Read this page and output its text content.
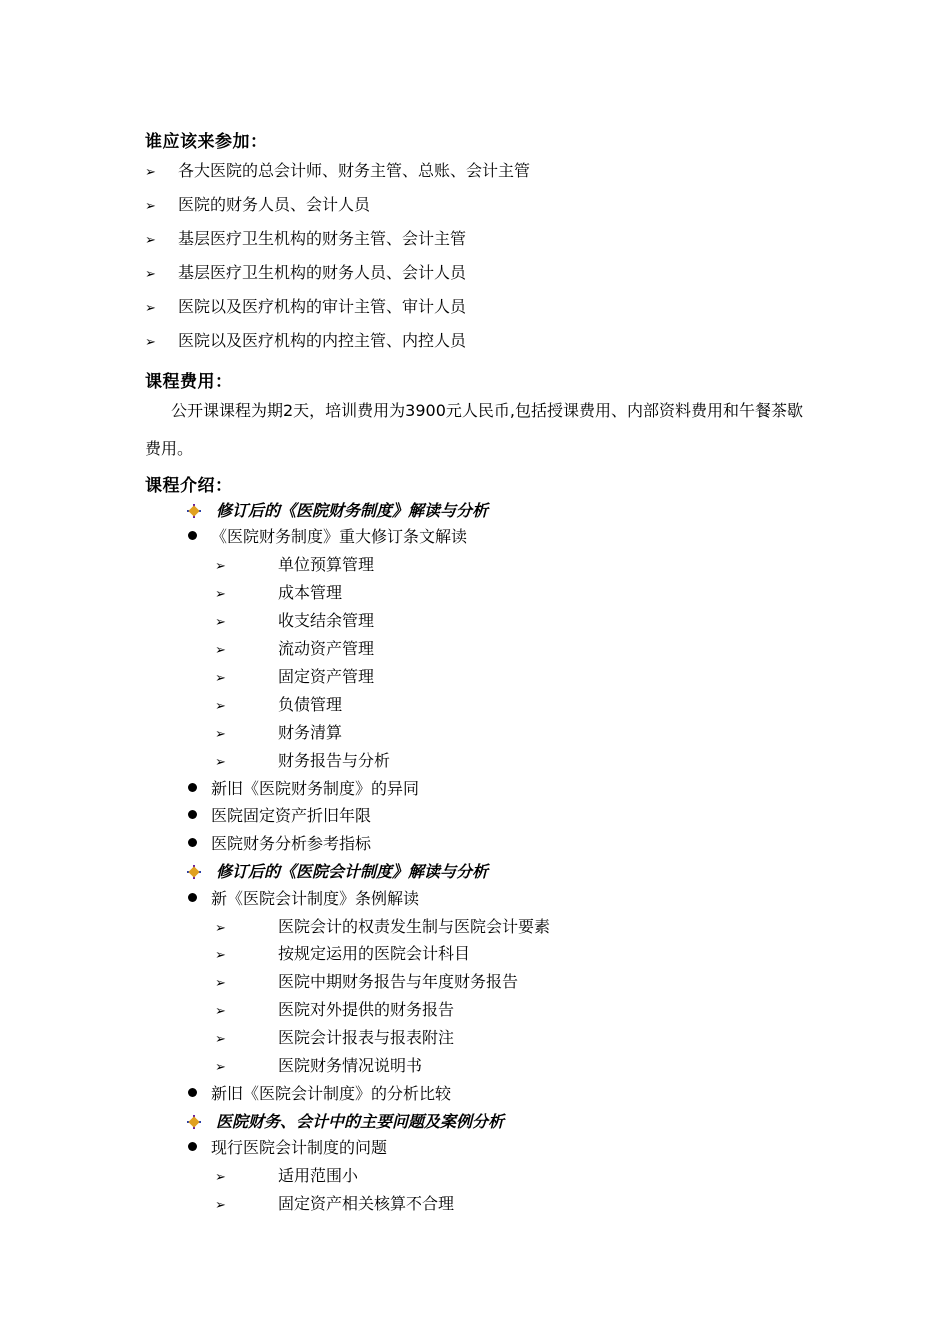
谁应该来参加：
➢ 各大医院的总会计师、财务主管、总账、会计主管
➢ 医院的财务人员、会计人员
➢ 基层医疗卫生机构的财务主管、会计主管
➢ 基层医疗卫生机构的财务人员、会计人员
➢ 医院以及医疗机构的审计主管、审计人员
➢ 医院以及医疗机构的内控主管、内控人员
课程费用：
公开课课程为期2天，培训费用为3900元人民币,包括授课费用、内部资料费用和午餐茶歇费用。
课程介绍：
修订后的《医院财务制度》解读与分析
《医院财务制度》重大修订条文解读
➢	单位预算管理
➢	成本管理
➢	收支结余管理
➢	流动资产管理
➢	固定资产管理
➢	负债管理
➢	财务清算
➢	财务报告与分析
新旧《医院财务制度》的异同
医院固定资产折旧年限
医院财务分析参考指标
修订后的《医院会计制度》解读与分析
新《医院会计制度》条例解读
➢	医院会计的权责发生制与医院会计要素
➢	按规定运用的医院会计科目
➢	医院中期财务报告与年度财务报告
➢	医院对外提供的财务报告
➢	医院会计报表与报表附注
➢	医院财务情况说明书
新旧《医院会计制度》的分析比较
医院财务、会计中的主要问题及案例分析
现行医院会计制度的问题
➢	适用范围小
➢	固定资产相关核算不合理
